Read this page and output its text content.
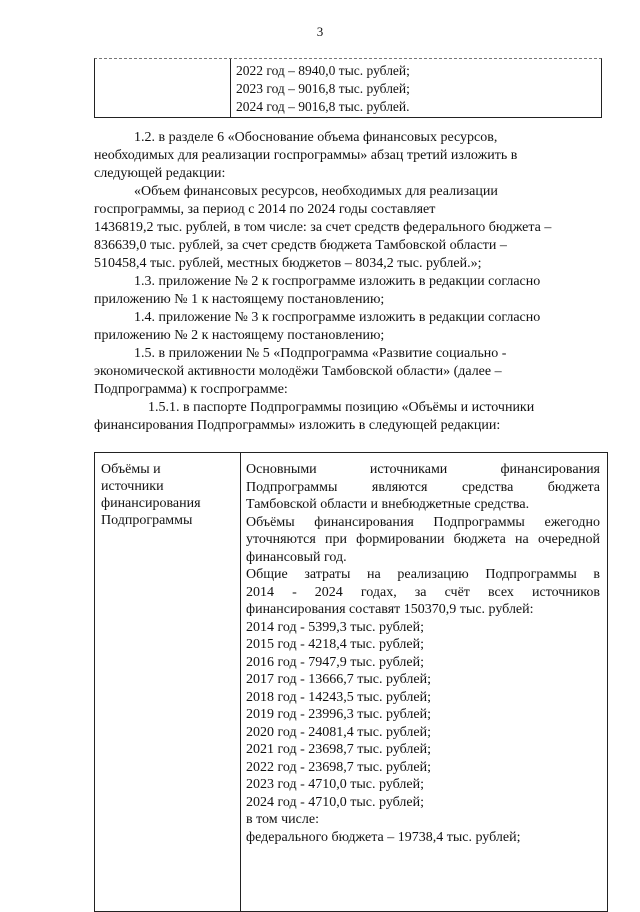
3
2022 год – 8940,0 тыс. рублей;
2023 год – 9016,8 тыс. рублей;
2024 год – 9016,8 тыс. рублей.

1.2. в разделе 6 «Обоснование объема финансовых ресурсов,

необходимых для реализации госпрограммы» абзац третий изложить в

следующей редакции:

«Объем финансовых ресурсов, необходимых для реализации

госпрограммы, за период с 2014 по 2024 годы составляет

1436819,2 тыс. рублей, в том числе: за счет средств федерального бюджета –

836639,0 тыс. рублей, за счет средств бюджета Тамбовской области –

510458,4 тыс. рублей, местных бюджетов – 8034,2 тыс. рублей.»;

1.3. приложение № 2 к госпрограмме изложить в редакции согласно

приложению № 1 к настоящему постановлению;

1.4. приложение № 3 к госпрограмме изложить в редакции согласно

приложению № 2 к настоящему постановлению;

1.5. в приложении № 5 «Подпрограмма «Развитие социально -

экономической активности молодёжи Тамбовской области» (далее –

Подпрограмма) к госпрограмме:

1.5.1. в паспорте Подпрограммы позицию «Объёмы и источники

финансирования Подпрограммы» изложить в следующей редакции:

Объёмы и
источники
финансирования
Подпрограммы

Основными источниками финансирования

Подпрограммы являются средства бюджета

Тамбовской области и внебюджетные средства.

Объёмы финансирования Подпрограммы ежегодно

уточняются при формировании бюджета на очередной

финансовый год.

Общие затраты на реализацию Подпрограммы в

2014 - 2024 годах, за счёт всех источников

финансирования составят 150370,9 тыс. рублей:

2014 год - 5399,3 тыс. рублей;

2015 год - 4218,4 тыс. рублей;

2016 год - 7947,9 тыс. рублей;

2017 год - 13666,7 тыс. рублей;

2018 год - 14243,5 тыс. рублей;

2019 год - 23996,3 тыс. рублей;

2020 год - 24081,4 тыс. рублей;

2021 год - 23698,7 тыс. рублей;

2022 год - 23698,7 тыс. рублей;

2023 год - 4710,0 тыс. рублей;

2024 год - 4710,0 тыс. рублей;

в том числе:

федерального бюджета – 19738,4 тыс. рублей;
